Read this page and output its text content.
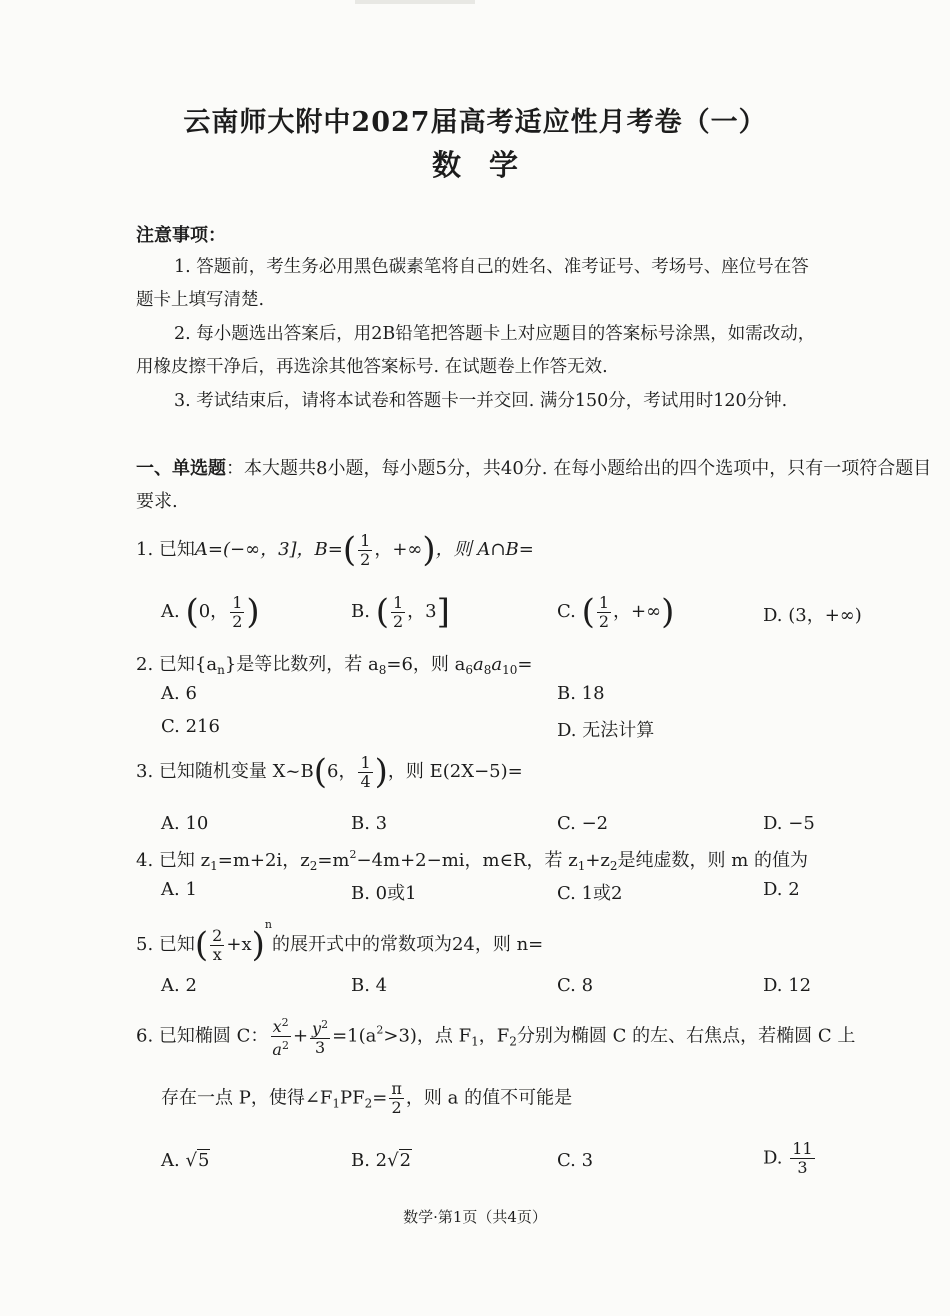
云南师大附中2027届高考适应性月考卷（一）
数学
注意事项：
1. 答题前，考生务必用黑色碳素笔将自己的姓名、准考证号、考场号、座位号在答
题卡上填写清楚.
2. 每小题选出答案后，用2B铅笔把答题卡上对应题目的答案标号涂黑，如需改动，
用橡皮擦干净后，再选涂其他答案标号. 在试题卷上作答无效.
3. 考试结束后，请将本试卷和答题卡一并交回. 满分150分，考试用时120分钟.
一、单选题：本大题共8小题，每小题5分，共40分. 在每小题给出的四个选项中，只有一项符合题目要求.
1. 已知A=(−∞，3]，$B=( \frac{1}{2}$ ，+∞)，则 A∩B=
A. (0， $\frac{1}{2}$ )	B. ( $\frac{1}{2}$ ，3]	C. ( $\frac{1}{2}$ ，+∞)	D. (3，+∞)
2. 已知$\{a_n\}$是等比数列，若 $a_8=6$，则 $a_6a_8a_{10}=$
A. 6	B. 18
C. 216	D. 无法计算
3. 已知随机变量 X~B(6， $\frac{1}{4}$ )，则 E(2X−5)=
A. 10	B. 3	C. −2	D. −5
4. 已知 $z_1=m+2i$，$z_2=m^2-4m+2-mi$，m∈R，若 $z_1+z_2$是纯虚数，则 m 的值为
A. 1	B. 0或1	C. 1或2	D. 2
5. 已知( $\frac{2}{x} +x)^n$的展开式中的常数项为24，则 n=
A. 2	B. 4	C. 8	D. 12
6. 已知椭圆 C： $\frac{x^2}{a^2} + \frac{y^2}{3} =1(a^2>3)$，点 $F_1$，$F_2$分别为椭圆 C 的左、右焦点，若椭圆 C 上
存在一点 P，使得$\angle F_1PF_2= \frac{\pi}{2}$ ，则 a 的值不可能是
A. √5	B. 2√2	C. 3	D. $\frac{11}{3}$
数学·第1页（共4页）
